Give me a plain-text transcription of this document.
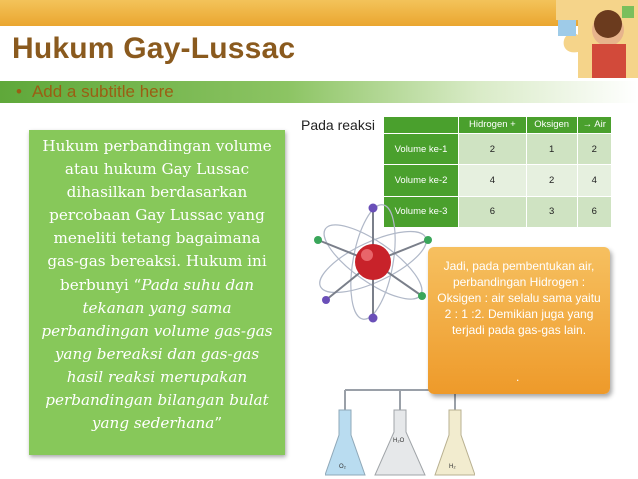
Hukum Gay-Lussac
• Add a subtitle here
Hukum perbandingan volume
atau hukum Gay Lussac
dihasilkan berdasarkan
percobaan Gay Lussac yang
meneliti tetang bagaimana
gas-gas bereaksi. Hukum ini
berbunyi “Pada suhu dan
tekanan yang sama
perbandingan volume gas-gas
yang bereaksi dan gas-gas
hasil reaksi merupakan
perbandingan bilangan bulat
yang sederhana”
Pada reaksi
		Hidrogen +	Oksigen	→ Air
Volume ke-1	2	1	2
Volume ke-2	4	2	4
Volume ke-3	6	3	6
O₂
H₂O
H₂
Jadi, pada pembentukan air, perbandingan Hidrogen : Oksigen : air selalu sama yaitu 2 : 1 :2. Demikian juga yang terjadi pada gas-gas lain.
.
